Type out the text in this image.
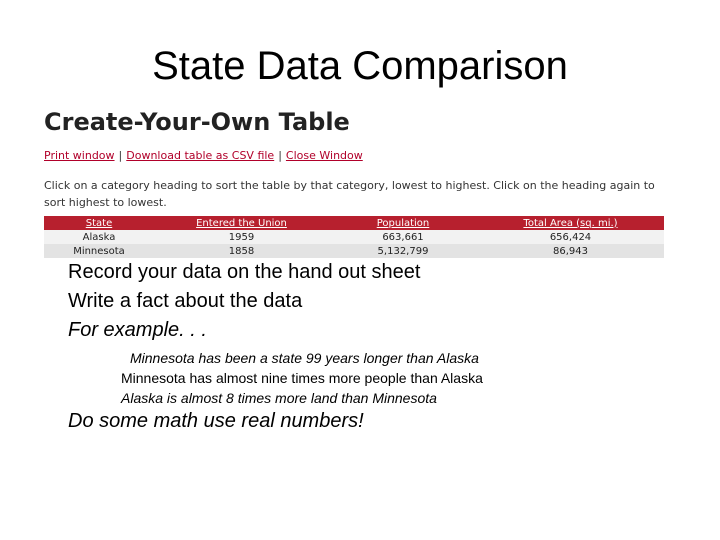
State Data Comparison
Create-Your-Own Table
Print window | Download table as CSV file | Close Window
Click on a category heading to sort the table by that category, lowest to highest. Click on the heading again to sort highest to lowest.
State	Entered the Union	Population	Total Area (sq. mi.)
Alaska	1959	663,661	656,424
Minnesota	1858	5,132,799	86,943
Record your data on the hand out sheet
Write a fact about the data
For example. . .
Minnesota has been a state 99 years longer than Alaska
Minnesota has almost nine times more people than Alaska
Alaska is almost 8 times more land than Minnesota
Do some math use real numbers!
